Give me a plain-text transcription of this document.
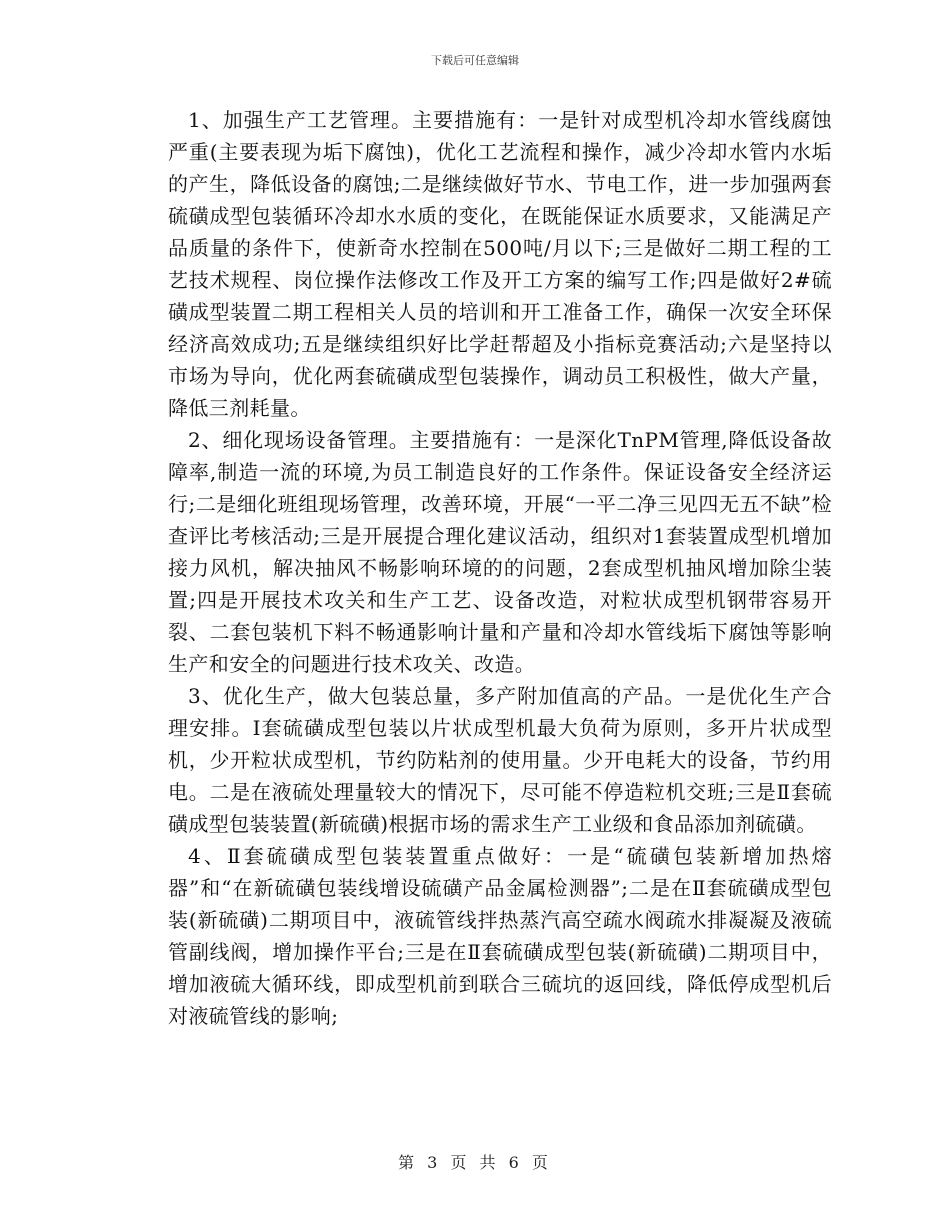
下载后可任意编辑

1、加强生产工艺管理。主要措施有：一是针对成型机冷却水管线腐蚀严重(主要表现为垢下腐蚀)，优化工艺流程和操作，减少冷却水管内水垢的产生，降低设备的腐蚀;二是继续做好节水、节电工作，进一步加强两套硫磺成型包装循环冷却水水质的变化，在既能保证水质要求，又能满足产品质量的条件下，使新奇水控制在500吨/月以下;三是做好二期工程的工艺技术规程、岗位操作法修改工作及开工方案的编写工作;四是做好2#硫磺成型装置二期工程相关人员的培训和开工准备工作，确保一次安全环保经济高效成功;五是继续组织好比学赶帮超及小指标竞赛活动;六是坚持以市场为导向，优化两套硫磺成型包装操作，调动员工积极性，做大产量，降低三剂耗量。

2、细化现场设备管理。主要措施有：一是深化TnPM管理,降低设备故障率,制造一流的环境,为员工制造良好的工作条件。保证设备安全经济运行;二是细化班组现场管理，改善环境，开展“一平二净三见四无五不缺”检查评比考核活动;三是开展提合理化建议活动，组织对1套装置成型机增加接力风机，解决抽风不畅影响环境的的问题，2套成型机抽风增加除尘装置;四是开展技术攻关和生产工艺、设备改造，对粒状成型机钢带容易开裂、二套包装机下料不畅通影响计量和产量和冷却水管线垢下腐蚀等影响生产和安全的问题进行技术攻关、改造。

3、优化生产，做大包装总量，多产附加值高的产品。一是优化生产合理安排。Ⅰ套硫磺成型包装以片状成型机最大负荷为原则，多开片状成型机，少开粒状成型机，节约防粘剂的使用量。少开电耗大的设备，节约用电。二是在液硫处理量较大的情况下，尽可能不停造粒机交班;三是Ⅱ套硫磺成型包装装置(新硫磺)根据市场的需求生产工业级和食品添加剂硫磺。

4、Ⅱ套硫磺成型包装装置重点做好：一是“硫磺包装新增加热熔器”和“在新硫磺包装线增设硫磺产品金属检测器”;二是在Ⅱ套硫磺成型包装(新硫磺)二期项目中，液硫管线拌热蒸汽高空疏水阀疏水排凝凝及液硫管副线阀，增加操作平台;三是在Ⅱ套硫磺成型包装(新硫磺)二期项目中，增加液硫大循环线，即成型机前到联合三硫坑的返回线，降低停成型机后对液硫管线的影响;

第 3 页 共 6 页
